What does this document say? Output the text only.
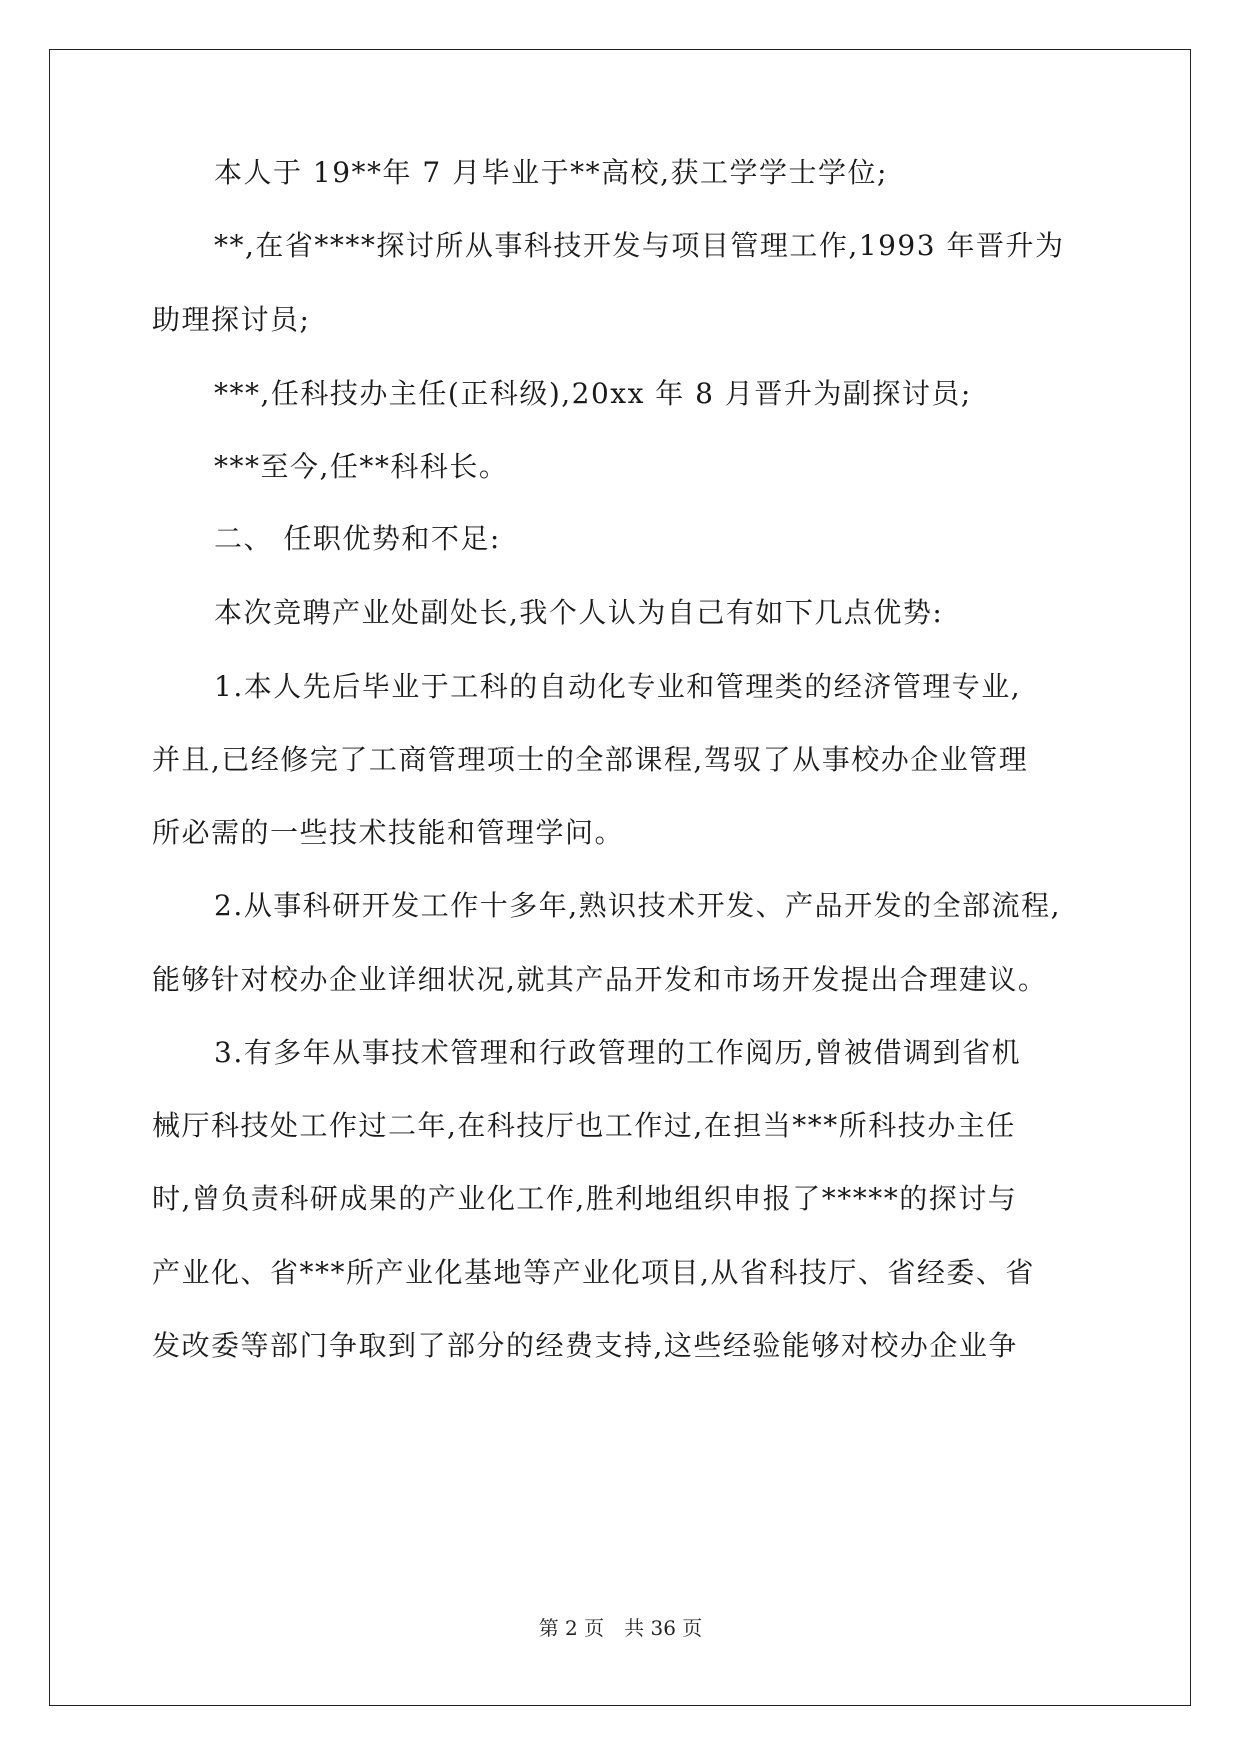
本人于 19**年 7 月毕业于**高校,获工学学士学位;
**,在省****探讨所从事科技开发与项目管理工作,1993 年晋升为
助理探讨员;
***,任科技办主任(正科级),20xx 年 8 月晋升为副探讨员;
***至今,任**科科长。
二、 任职优势和不足:
本次竞聘产业处副处长,我个人认为自己有如下几点优势:
1.本人先后毕业于工科的自动化专业和管理类的经济管理专业,
并且,已经修完了工商管理项士的全部课程,驾驭了从事校办企业管理
所必需的一些技术技能和管理学问。
2.从事科研开发工作十多年,熟识技术开发、产品开发的全部流程,
能够针对校办企业详细状况,就其产品开发和市场开发提出合理建议。
3.有多年从事技术管理和行政管理的工作阅历,曾被借调到省机
械厅科技处工作过二年,在科技厅也工作过,在担当***所科技办主任
时,曾负责科研成果的产业化工作,胜利地组织申报了*****的探讨与
产业化、省***所产业化基地等产业化项目,从省科技厅、省经委、省
发改委等部门争取到了部分的经费支持,这些经验能够对校办企业争
第 2 页 共 36 页
